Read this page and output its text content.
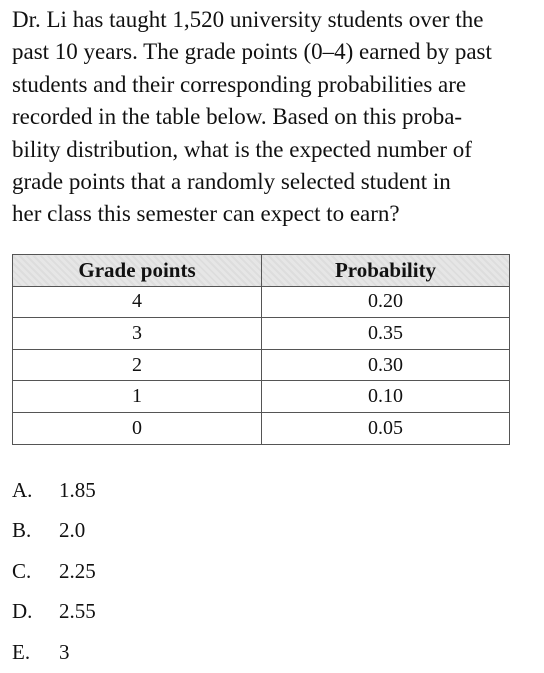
Dr. Li has taught 1,520 university students over the
past 10 years. The grade points (0–4) earned by past
students and their corresponding probabilities are
recorded in the table below. Based on this proba-
bility distribution, what is the expected number of
grade points that a randomly selected student in
her class this semester can expect to earn?
Grade points	Probability
4	0.20
3	0.35
2	0.30
1	0.10
0	0.05
A.	1.85
B.	2.0
C.	2.25
D.	2.55
E.	3
